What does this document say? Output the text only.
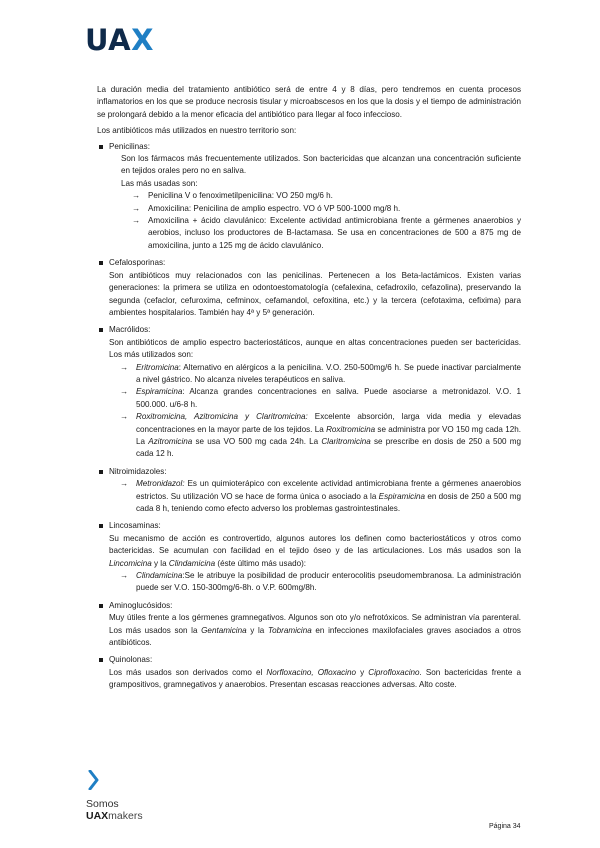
UAX

La duración media del tratamiento antibiótico será de entre 4 y 8 días, pero tendremos en cuenta procesos inflamatorios en los que se produce necrosis tisular y microabscesos en los que la dosis y el tiempo de administración se prolongará debido a la menor eficacia del antibiótico para llegar al foco infeccioso.

Los antibióticos más utilizados en nuestro territorio son:

Penicilinas:
Son los fármacos más frecuentemente utilizados. Son bactericidas que alcanzan una concentración suficiente en tejidos orales pero no en saliva.
Las más usadas son:
→ Penicilina V o fenoximetilpenicilina: VO 250 mg/6 h.
→ Amoxicilina: Penicilina de amplio espectro. VO ó VP 500-1000 mg/8 h.
→ Amoxicilina + ácido clavulánico: Excelente actividad antimicrobiana frente a gérmenes anaerobios y aerobios, incluso los productores de B-lactamasa. Se usa en concentraciones de 500 a 875 mg de amoxicilina, junto a 125 mg de ácido clavulánico.
Cefalosporinas:
Son antibióticos muy relacionados con las penicilinas. Pertenecen a los Beta-lactámicos. Existen varias generaciones: la primera se utiliza en odontoestomatología (cefalexina, cefadroxilo, cefazolina), preservando la segunda (cefaclor, cefuroxima, cefminox, cefamandol, cefoxitina, etc.) y la tercera (cefotaxima, cefixima) para ambientes hospitalarios. También hay 4ª y 5ª generación.
Macrólidos:
Son antibióticos de amplio espectro bacteriostáticos, aunque en altas concentraciones pueden ser bactericidas. Los más utilizados son:
→ Eritromicina: Alternativo en alérgicos a la penicilina. V.O. 250-500mg/6 h. Se puede inactivar parcialmente a nivel gástrico. No alcanza niveles terapéuticos en saliva.
→ Espiramicina: Alcanza grandes concentraciones en saliva. Puede asociarse a metronidazol. V.O. 1 500.000. u/6-8 h.
→ Roxitromicina, Azitromicina y Claritromicina: Excelente absorción, larga vida media y elevadas concentraciones en la mayor parte de los tejidos. La Roxitromicina se administra por VO 150 mg cada 12h. La Azitromicina se usa VO 500 mg cada 24h. La Claritromicina se prescribe en dosis de 250 a 500 mg cada 12 h.
Nitroimidazoles:
→ Metronidazol: Es un quimioterápico con excelente actividad antimicrobiana frente a gérmenes anaerobios estrictos. Su utilización VO se hace de forma única o asociado a la Espiramicina en dosis de 250 a 500 mg cada 8 h, teniendo como efecto adverso los problemas gastrointestinales.
Lincosaminas:
Su mecanismo de acción es controvertido, algunos autores los definen como bacteriostáticos y otros como bactericidas. Se acumulan con facilidad en el tejido óseo y de las articulaciones. Los más usados son la Lincomicina y la Clindamicina (éste último más usado):
→ Clindamicina:Se le atribuye la posibilidad de producir enterocolitis pseudomembranosa. La administración puede ser V.O. 150-300mg/6-8h. o V.P. 600mg/8h.
Aminoglucósidos:
Muy útiles frente a los gérmenes gramnegativos. Algunos son oto y/o nefrotóxicos. Se administran vía parenteral. Los más usados son la Gentamicina y la Tobramicina en infecciones maxilofaciales graves asociados a otros antibióticos.
Quinolonas:
Los más usados son derivados como el Norfloxacino, Ofloxacino y Ciprofloxacino. Son bactericidas frente a grampositivos, gramnegativos y anaerobios. Presentan escasas reacciones adversas. Alto coste.
Somos
UAXmakers
Página 34
